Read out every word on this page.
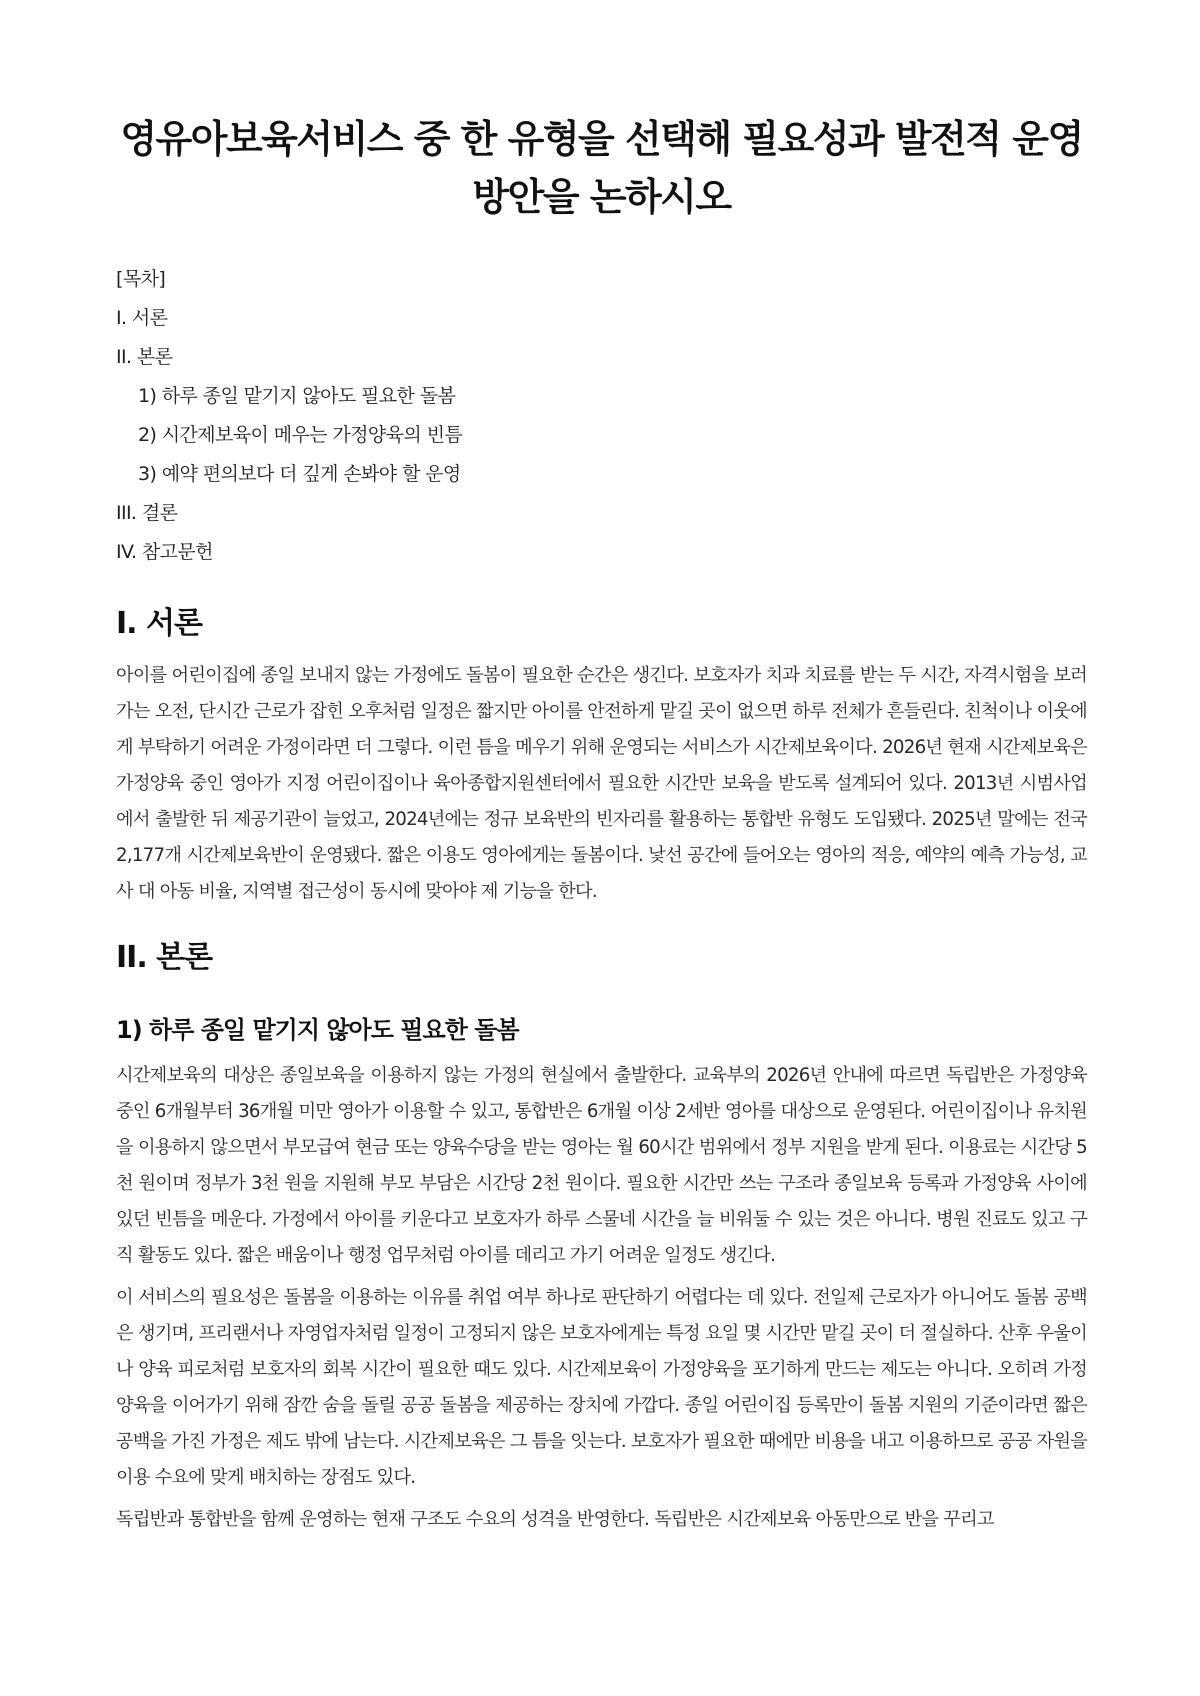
영유아보육서비스 중 한 유형을 선택해 필요성과 발전적 운영방안을 논하시오
[목차]
I. 서론
II. 본론
1) 하루 종일 맡기지 않아도 필요한 돌봄
2) 시간제보육이 메우는 가정양육의 빈틈
3) 예약 편의보다 더 깊게 손봐야 할 운영
III. 결론
IV. 참고문헌
I. 서론

아이를 어린이집에 종일 보내지 않는 가정에도 돌봄이 필요한 순간은 생긴다. 보호자가 치과 치료를 받는 두 시간, 자격시험을 보러 가는 오전, 단시간 근로가 잡힌 오후처럼 일정은 짧지만 아이를 안전하게 맡길 곳이 없으면 하루 전체가 흔들린다. 친척이나 이웃에게 부탁하기 어려운 가정이라면 더 그렇다. 이런 틈을 메우기 위해 운영되는 서비스가 시간제보육이다. 2026년 현재 시간제보육은 가정양육 중인 영아가 지정 어린이집이나 육아종합지원센터에서 필요한 시간만 보육을 받도록 설계되어 있다. 2013년 시범사업에서 출발한 뒤 제공기관이 늘었고, 2024년에는 정규 보육반의 빈자리를 활용하는 통합반 유형도 도입됐다. 2025년 말에는 전국 2,177개 시간제보육반이 운영됐다. 짧은 이용도 영아에게는 돌봄이다. 낯선 공간에 들어오는 영아의 적응, 예약의 예측 가능성, 교사 대 아동 비율, 지역별 접근성이 동시에 맞아야 제 기능을 한다.

II. 본론
1) 하루 종일 맡기지 않아도 필요한 돌봄

시간제보육의 대상은 종일보육을 이용하지 않는 가정의 현실에서 출발한다. 교육부의 2026년 안내에 따르면 독립반은 가정양육 중인 6개월부터 36개월 미만 영아가 이용할 수 있고, 통합반은 6개월 이상 2세반 영아를 대상으로 운영된다. 어린이집이나 유치원을 이용하지 않으면서 부모급여 현금 또는 양육수당을 받는 영아는 월 60시간 범위에서 정부 지원을 받게 된다. 이용료는 시간당 5천 원이며 정부가 3천 원을 지원해 부모 부담은 시간당 2천 원이다. 필요한 시간만 쓰는 구조라 종일보육 등록과 가정양육 사이에 있던 빈틈을 메운다. 가정에서 아이를 키운다고 보호자가 하루 스물네 시간을 늘 비워둘 수 있는 것은 아니다. 병원 진료도 있고 구직 활동도 있다. 짧은 배움이나 행정 업무처럼 아이를 데리고 가기 어려운 일정도 생긴다.

이 서비스의 필요성은 돌봄을 이용하는 이유를 취업 여부 하나로 판단하기 어렵다는 데 있다. 전일제 근로자가 아니어도 돌봄 공백은 생기며, 프리랜서나 자영업자처럼 일정이 고정되지 않은 보호자에게는 특정 요일 몇 시간만 맡길 곳이 더 절실하다. 산후 우울이나 양육 피로처럼 보호자의 회복 시간이 필요한 때도 있다. 시간제보육이 가정양육을 포기하게 만드는 제도는 아니다. 오히려 가정양육을 이어가기 위해 잠깐 숨을 돌릴 공공 돌봄을 제공하는 장치에 가깝다. 종일 어린이집 등록만이 돌봄 지원의 기준이라면 짧은 공백을 가진 가정은 제도 밖에 남는다. 시간제보육은 그 틈을 잇는다. 보호자가 필요한 때에만 비용을 내고 이용하므로 공공 자원을 이용 수요에 맞게 배치하는 장점도 있다.

독립반과 통합반을 함께 운영하는 현재 구조도 수요의 성격을 반영한다. 독립반은 시간제보육 아동만으로 반을 꾸리고
